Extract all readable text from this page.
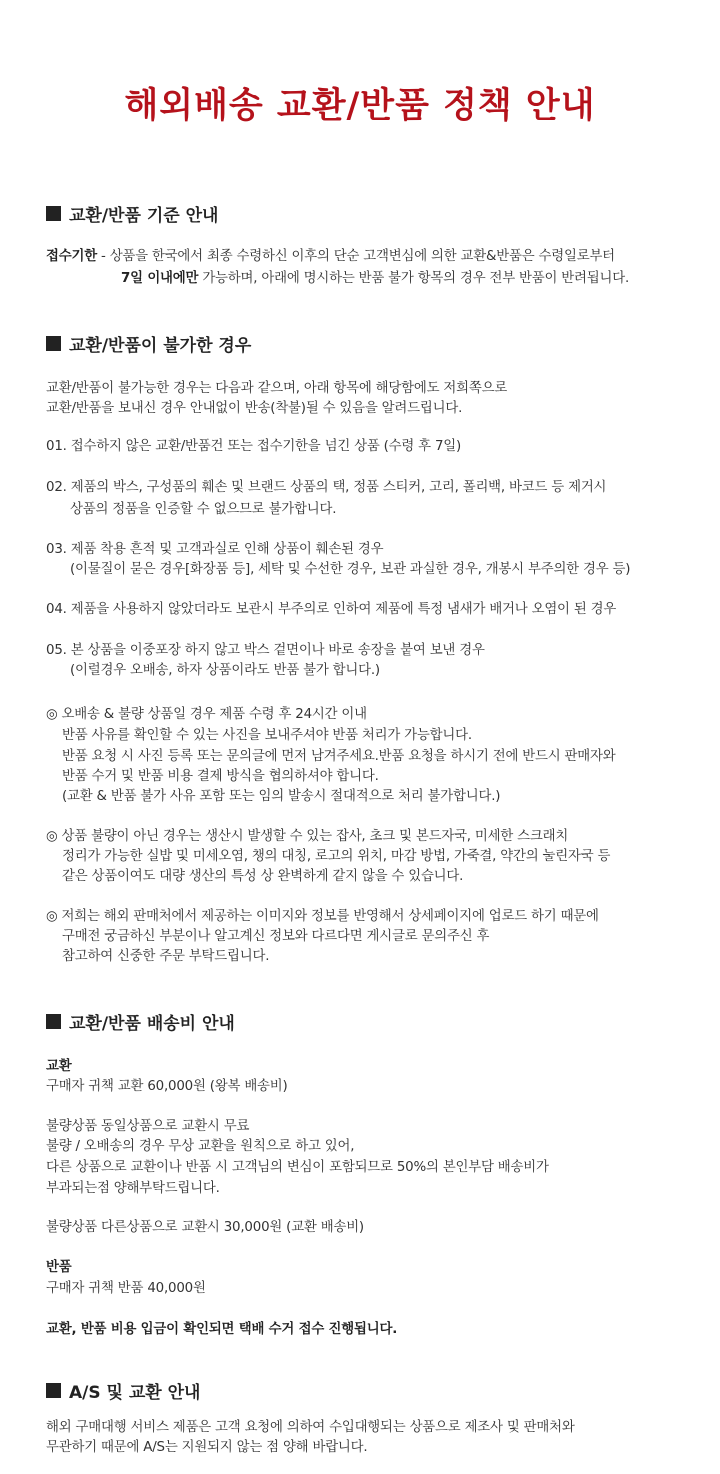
해외배송 교환/반품 정책 안내
교환/반품 기준 안내

접수기한 - 상품을 한국에서 최종 수령하신 이후의 단순 고객변심에 의한 교환&반품은 수령일로부터

7일 이내에만 가능하며, 아래에 명시하는 반품 불가 항목의 경우 전부 반품이 반려됩니다.

교환/반품이 불가한 경우

교환/반품이 불가능한 경우는 다음과 같으며, 아래 항목에 해당함에도 저희쪽으로

교환/반품을 보내신 경우 안내없이 반송(착불)될 수 있음을 알려드립니다.

01. 접수하지 않은 교환/반품건 또는 접수기한을 넘긴 상품 (수령 후 7일)

02. 제품의 박스, 구성품의 훼손 및 브랜드 상품의 택, 정품 스티커, 고리, 폴리백, 바코드 등 제거시

상품의 정품을 인증할 수 없으므로 불가합니다.

03. 제품 착용 흔적 및 고객과실로 인해 상품이 훼손된 경우

(이물질이 묻은 경우[화장품 등], 세탁 및 수선한 경우, 보관 과실한 경우, 개봉시 부주의한 경우 등)

04. 제품을 사용하지 않았더라도 보관시 부주의로 인하여 제품에 특정 냄새가 배거나 오염이 된 경우

05. 본 상품을 이중포장 하지 않고 박스 겉면이나 바로 송장을 붙여 보낸 경우

(이럴경우 오배송, 하자 상품이라도 반품 불가 합니다.)

◎ 오배송 & 불량 상품일 경우 제품 수령 후 24시간 이내

반품 사유를 확인할 수 있는 사진을 보내주셔야 반품 처리가 가능합니다.

반품 요청 시 사진 등록 또는 문의글에 먼저 남겨주세요.반품 요청을 하시기 전에 반드시 판매자와

반품 수거 및 반품 비용 결제 방식을 협의하셔야 합니다.

(교환 & 반품 불가 사유 포함 또는 임의 발송시 절대적으로 처리 불가합니다.)

◎ 상품 불량이 아닌 경우는 생산시 발생할 수 있는 잡사, 초크 및 본드자국, 미세한 스크래치

정리가 가능한 실밥 및 미세오염, 챙의 대칭, 로고의 위치, 마감 방법, 가죽결, 약간의 눌린자국 등

같은 상품이여도 대량 생산의 특성 상 완벽하게 같지 않을 수 있습니다.

◎ 저희는 해외 판매처에서 제공하는 이미지와 정보를 반영해서 상세페이지에 업로드 하기 때문에

구매전 궁금하신 부분이나 알고계신 정보와 다르다면 게시글로 문의주신 후

참고하여 신중한 주문 부탁드립니다.

교환/반품 배송비 안내

교환

구매자 귀책 교환 60,000원 (왕복 배송비)

불량상품 동일상품으로 교환시 무료

불량 / 오배송의 경우 무상 교환을 원칙으로 하고 있어,

다른 상품으로 교환이나 반품 시 고객님의 변심이 포함되므로 50%의 본인부담 배송비가

부과되는점 양해부탁드립니다.

불량상품 다른상품으로 교환시 30,000원 (교환 배송비)

반품

구매자 귀책 반품 40,000원

교환, 반품 비용 입금이 확인되면 택배 수거 접수 진행됩니다.

A/S 및 교환 안내

해외 구매대행 서비스 제품은 고객 요청에 의하여 수입대행되는 상품으로 제조사 및 판매처와

무관하기 때문에 A/S는 지원되지 않는 점 양해 바랍니다.
